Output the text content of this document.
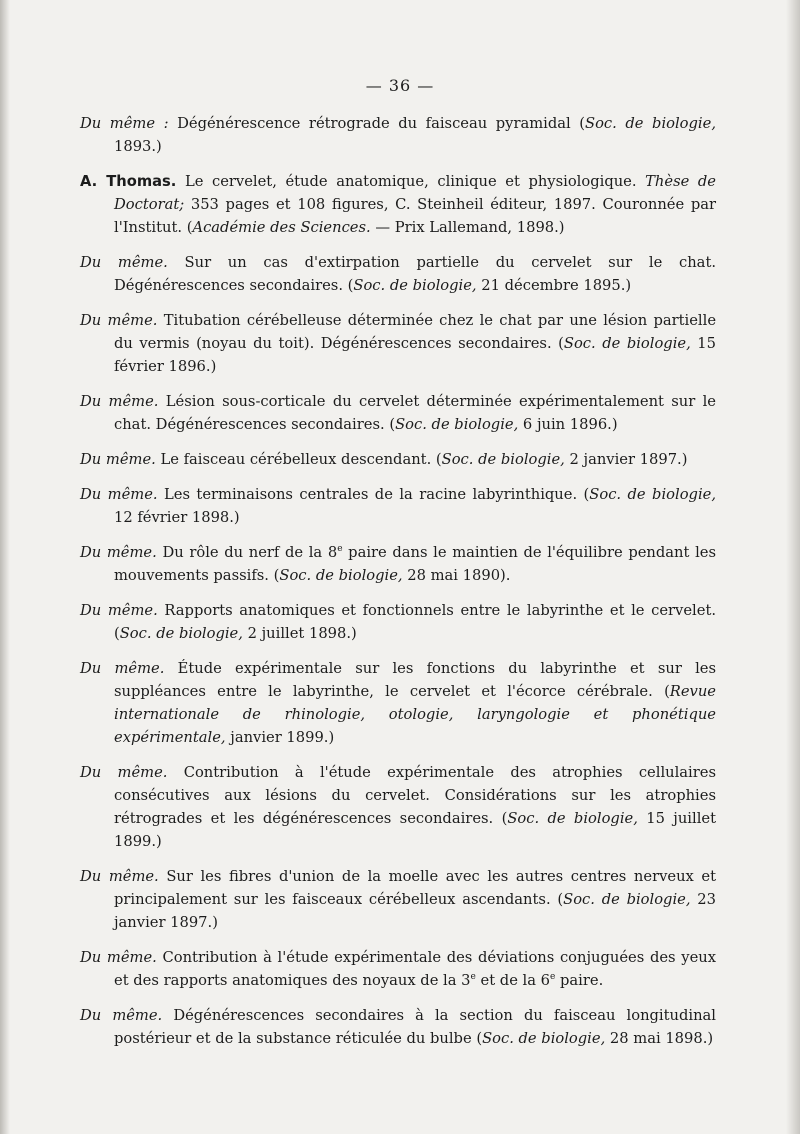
— 36 —

Du même : Dégénérescence rétrograde du faisceau pyramidal (Soc. de biologie, 1893.)

A. Thomas. Le cervelet, étude anatomique, clinique et physiologique. Thèse de Doctorat; 353 pages et 108 figures, C. Steinheil éditeur, 1897. Couronnée par l'Institut. (Académie des Sciences. — Prix Lallemand, 1898.)

Du même. Sur un cas d'extirpation partielle du cervelet sur le chat. Dégénérescences secondaires. (Soc. de biologie, 21 décembre 1895.)

Du même. Titubation cérébelleuse déterminée chez le chat par une lésion partielle du vermis (noyau du toit). Dégénérescences secondaires. (Soc. de biologie, 15 février 1896.)

Du même. Lésion sous-corticale du cervelet déterminée expérimentalement sur le chat. Dégénérescences secondaires. (Soc. de biologie, 6 juin 1896.)

Du même. Le faisceau cérébelleux descendant. (Soc. de biologie, 2 janvier 1897.)

Du même. Les terminaisons centrales de la racine labyrinthique. (Soc. de biologie, 12 février 1898.)

Du même. Du rôle du nerf de la 8e paire dans le maintien de l'équilibre pendant les mouvements passifs. (Soc. de biologie, 28 mai 1890).

Du même. Rapports anatomiques et fonctionnels entre le labyrinthe et le cervelet. (Soc. de biologie, 2 juillet 1898.)

Du même. Étude expérimentale sur les fonctions du labyrinthe et sur les suppléances entre le labyrinthe, le cervelet et l'écorce cérébrale. (Revue internationale de rhinologie, otologie, laryngologie et phonétique expérimentale, janvier 1899.)

Du même. Contribution à l'étude expérimentale des atrophies cellulaires consécutives aux lésions du cervelet. Considérations sur les atrophies rétrogrades et les dégénérescences secondaires. (Soc. de biologie, 15 juillet 1899.)

Du même. Sur les fibres d'union de la moelle avec les autres centres nerveux et principalement sur les faisceaux cérébelleux ascendants. (Soc. de biologie, 23 janvier 1897.)

Du même. Contribution à l'étude expérimentale des déviations conjuguées des yeux et des rapports anatomiques des noyaux de la 3e et de la 6e paire.

Du même. Dégénérescences secondaires à la section du faisceau longitudinal postérieur et de la substance réticulée du bulbe (Soc. de biologie, 28 mai 1898.)
